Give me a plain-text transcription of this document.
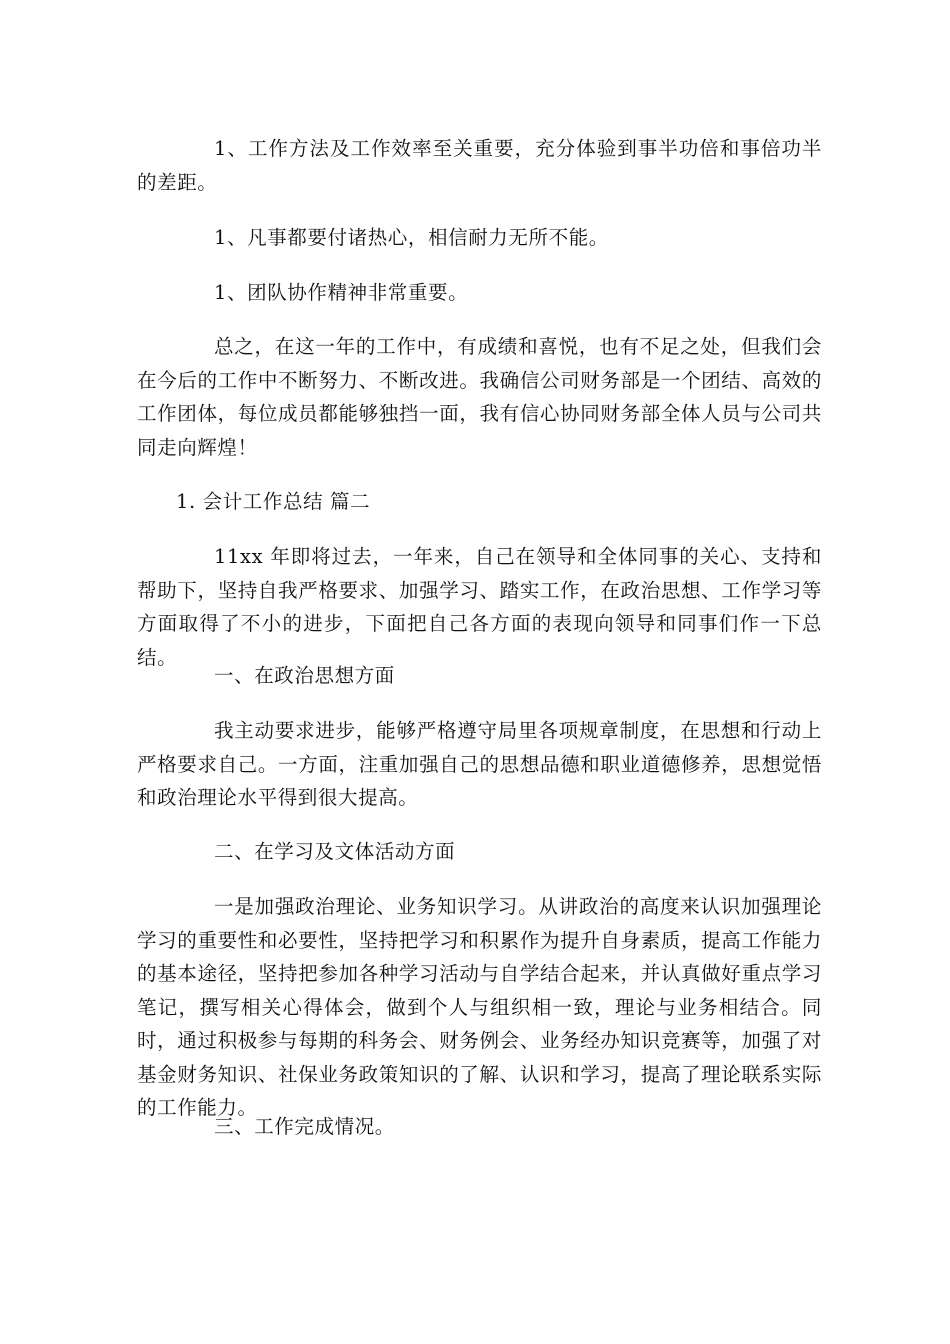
1、工作方法及工作效率至关重要，充分体验到事半功倍和事倍功半的差距。

1、凡事都要付诸热心，相信耐力无所不能。

1、团队协作精神非常重要。

总之，在这一年的工作中，有成绩和喜悦，也有不足之处，但我们会在今后的工作中不断努力、不断改进。我确信公司财务部是一个团结、高效的工作团体，每位成员都能够独挡一面，我有信心协同财务部全体人员与公司共同走向辉煌！

1. 会计工作总结 篇二

11xx 年即将过去，一年来，自己在领导和全体同事的关心、支持和帮助下，坚持自我严格要求、加强学习、踏实工作，在政治思想、工作学习等方面取得了不小的进步，下面把自己各方面的表现向领导和同事们作一下总结。

一、在政治思想方面

我主动要求进步，能够严格遵守局里各项规章制度，在思想和行动上严格要求自己。一方面，注重加强自己的思想品德和职业道德修养，思想觉悟和政治理论水平得到很大提高。

二、在学习及文体活动方面

一是加强政治理论、业务知识学习。从讲政治的高度来认识加强理论学习的重要性和必要性，坚持把学习和积累作为提升自身素质，提高工作能力的基本途径，坚持把参加各种学习活动与自学结合起来，并认真做好重点学习笔记，撰写相关心得体会，做到个人与组织相一致，理论与业务相结合。同时，通过积极参与每期的科务会、财务例会、业务经办知识竞赛等，加强了对基金财务知识、社保业务政策知识的了解、认识和学习，提高了理论联系实际的工作能力。

三、工作完成情况。
